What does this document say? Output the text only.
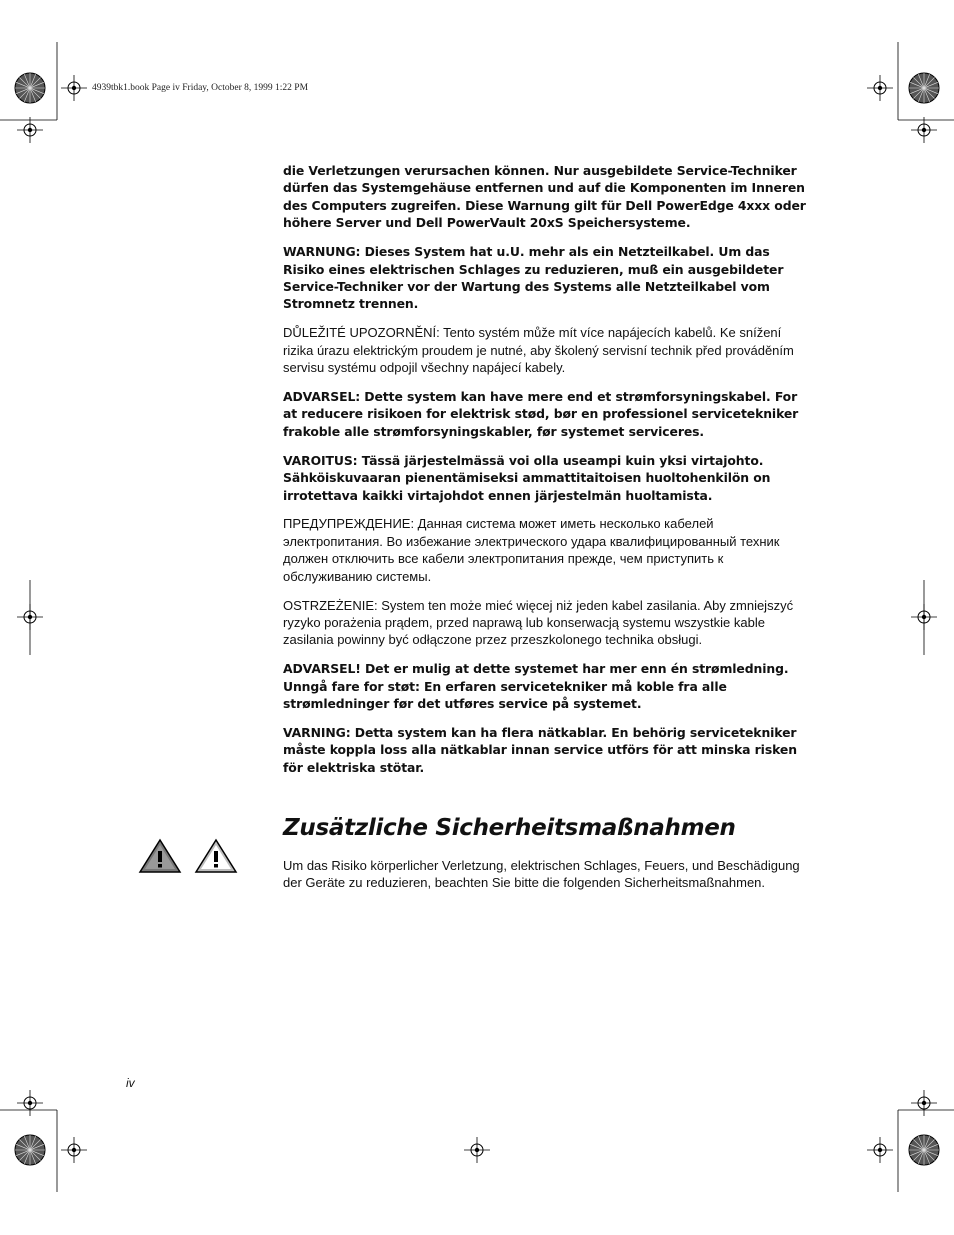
4939tbk1.book Page iv Friday, October 8, 1999 1:22 PM

die Verletzungen verursachen können. Nur ausgebildete Service-Techniker dürfen das Systemgehäuse entfernen und auf die Komponenten im Inneren des Computers zugreifen. Diese Warnung gilt für Dell PowerEdge 4xxx oder höhere Server und Dell PowerVault 20xS Speichersysteme.

WARNUNG: Dieses System hat u.U. mehr als ein Netzteilkabel. Um das Risiko eines elektrischen Schlages zu reduzieren, muß ein ausgebildeter Service-Techniker vor der Wartung des Systems alle Netzteilkabel vom Stromnetz trennen.

DŮLEŽITÉ UPOZORNĚNÍ: Tento systém může mít více napájecích kabelů. Ke snížení rizika úrazu elektrickým proudem je nutné, aby školený servisní technik před prováděním servisu systému odpojil všechny napájecí kabely.

ADVARSEL: Dette system kan have mere end et strømforsyningskabel. For at reducere risikoen for elektrisk stød, bør en professionel servicetekniker frakoble alle strømforsyningskabler, før systemet serviceres.

VAROITUS: Tässä järjestelmässä voi olla useampi kuin yksi virtajohto. Sähköiskuvaaran pienentämiseksi ammattitaitoisen huoltohenkilön on irrotettava kaikki virtajohdot ennen järjestelmän huoltamista.

ПРЕДУПРЕЖДЕНИЕ: Данная система может иметь несколько кабелей электропитания. Во избежание электрического удара квалифицированный техник должен отключить все кабели электропитания прежде, чем приступить к обслуживанию системы.

OSTRZEŻENIE: System ten może mieć więcej niż jeden kabel zasilania. Aby zmniejszyć ryzyko porażenia prądem, przed naprawą lub konserwacją systemu wszystkie kable zasilania powinny być odłączone przez przeszkolonego technika obsługi.

ADVARSEL! Det er mulig at dette systemet har mer enn én strømledning. Unngå fare for støt: En erfaren servicetekniker må koble fra alle strømledninger før det utføres service på systemet.

VARNING: Detta system kan ha flera nätkablar. En behörig servicetekniker måste koppla loss alla nätkablar innan service utförs för att minska risken för elektriska stötar.

Zusätzliche Sicherheitsmaßnahmen

Um das Risiko körperlicher Verletzung, elektrischen Schlages, Feuers, und Beschädigung der Geräte zu reduzieren, beachten Sie bitte die folgenden Sicherheitsmaßnahmen.

iv
